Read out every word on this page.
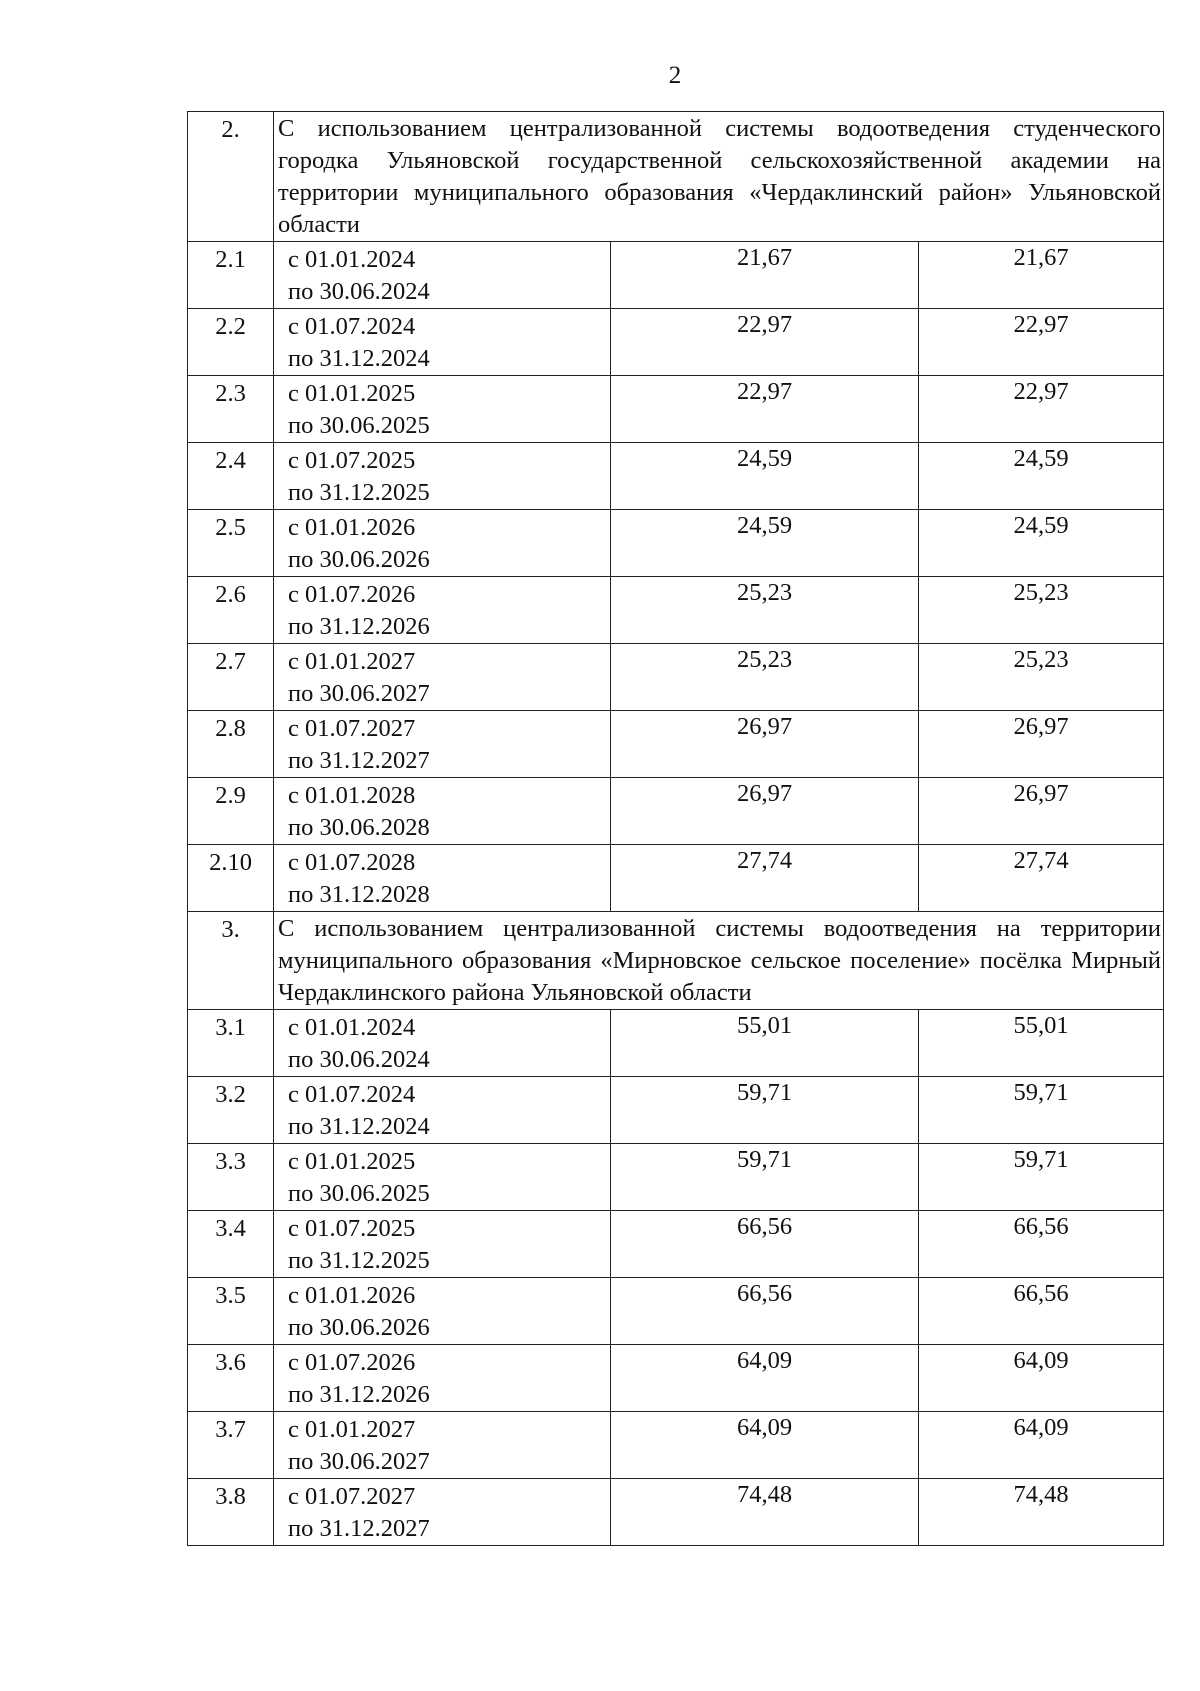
2
2.	С использованием централизованной системы водоотведения студенческого городка Ульяновской государственной сельскохозяйственной академии на территории муниципального образования «Чердаклинский район» Ульяновской области		
2.1	с 01.01.2024
по 30.06.2024	21,67	21,67
2.2	с 01.07.2024
по 31.12.2024	22,97	22,97
2.3	с 01.01.2025
по 30.06.2025	22,97	22,97
2.4	с 01.07.2025
по 31.12.2025	24,59	24,59
2.5	с 01.01.2026
по 30.06.2026	24,59	24,59
2.6	с 01.07.2026
по 31.12.2026	25,23	25,23
2.7	с 01.01.2027
по 30.06.2027	25,23	25,23
2.8	с 01.07.2027
по 31.12.2027	26,97	26,97
2.9	с 01.01.2028
по 30.06.2028	26,97	26,97
2.10	с 01.07.2028
по 31.12.2028	27,74	27,74
3.	С использованием централизованной системы водоотведения на территории муниципального образования «Мирновское сельское поселение» посёлка Мирный Чердаклинского района Ульяновской области		
3.1	с 01.01.2024
по 30.06.2024	55,01	55,01
3.2	с 01.07.2024
по 31.12.2024	59,71	59,71
3.3	с 01.01.2025
по 30.06.2025	59,71	59,71
3.4	с 01.07.2025
по 31.12.2025	66,56	66,56
3.5	с 01.01.2026
по 30.06.2026	66,56	66,56
3.6	с 01.07.2026
по 31.12.2026	64,09	64,09
3.7	с 01.01.2027
по 30.06.2027	64,09	64,09
3.8	с 01.07.2027
по 31.12.2027	74,48	74,48
